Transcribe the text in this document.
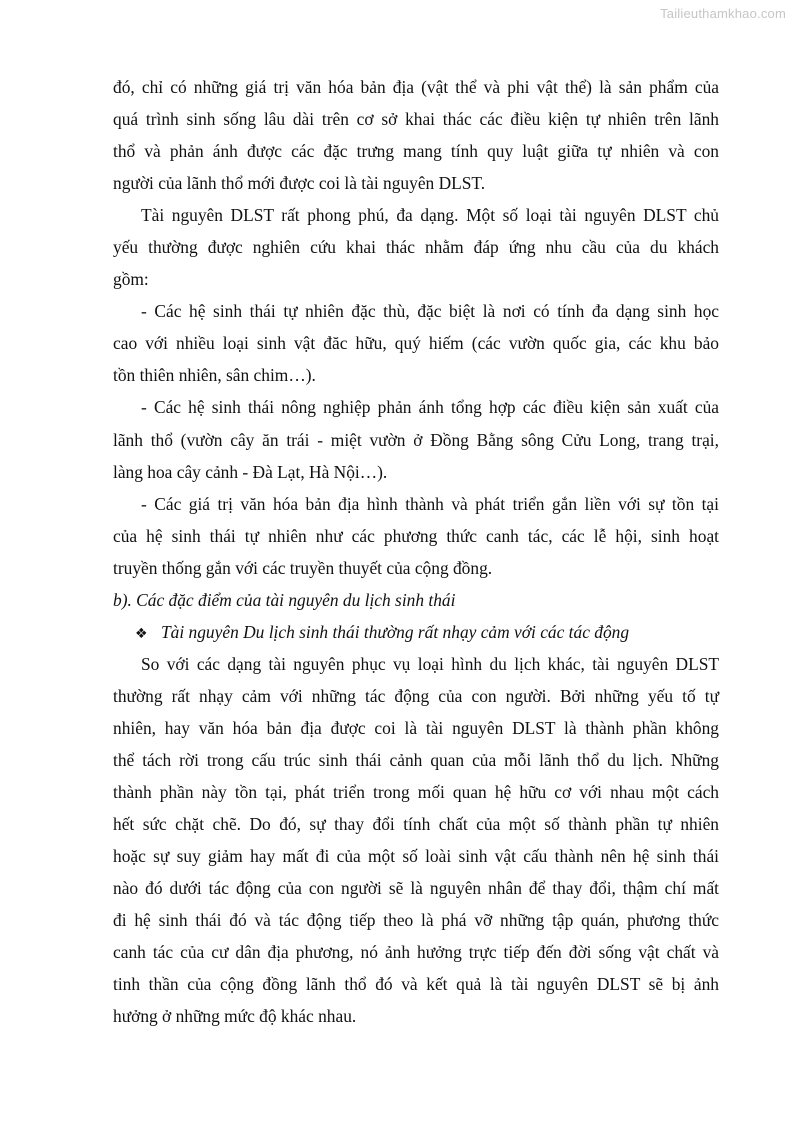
Tailieuthamkhao.com
đó, chỉ có những giá trị văn hóa bản địa (vật thể và phi vật thể) là sản phẩm của
quá trình sinh sống lâu dài trên cơ sở khai thác các điều kiện tự nhiên trên lãnh
thổ và phản ánh được các đặc trưng mang tính quy luật giữa tự nhiên và con
người của lãnh thổ mới được coi là tài nguyên DLST.
Tài nguyên DLST rất phong phú, đa dạng. Một số loại tài nguyên DLST chủ
yếu thường được nghiên cứu khai thác nhằm đáp ứng nhu cầu của du khách
gồm:
- Các hệ sinh thái tự nhiên đặc thù, đặc biệt là nơi có tính đa dạng sinh học
cao với nhiều loại sinh vật đăc hữu, quý hiếm (các vườn quốc gia, các khu bảo
tồn thiên nhiên, sân chim…).
- Các hệ sinh thái nông nghiệp phản ánh tổng hợp các điều kiện sản xuất của
lãnh thổ (vườn cây ăn trái - miệt vườn ở Đồng Bằng sông Cửu Long, trang trại,
làng hoa cây cảnh - Đà Lạt, Hà Nội…).
- Các giá trị văn hóa bản địa hình thành và phát triển gắn liền với sự tồn tại
của hệ sinh thái tự nhiên như các phương thức canh tác, các lễ hội, sinh hoạt
truyền thống gắn với các truyền thuyết của cộng đồng.
b). Các đặc điểm của tài nguyên du lịch sinh thái
❖ Tài nguyên Du lịch sinh thái thường rất nhạy cảm với các tác động
So với các dạng tài nguyên phục vụ loại hình du lịch khác, tài nguyên DLST
thường rất nhạy cảm với những tác động của con người. Bởi những yếu tố tự
nhiên, hay văn hóa bản địa được coi là tài nguyên DLST là thành phần không
thể tách rời trong cấu trúc sinh thái cảnh quan của mỗi lãnh thổ du lịch. Những
thành phần này tồn tại, phát triển trong mối quan hệ hữu cơ với nhau một cách
hết sức chặt chẽ. Do đó, sự thay đổi tính chất của một số thành phần tự nhiên
hoặc sự suy giảm hay mất đi của một số loài sinh vật cấu thành nên hệ sinh thái
nào đó dưới tác động của con người sẽ là nguyên nhân để thay đổi, thậm chí mất
đi hệ sinh thái đó và tác động tiếp theo là phá vỡ những tập quán, phương thức
canh tác của cư dân địa phương, nó ảnh hưởng trực tiếp đến đời sống vật chất và
tinh thần của cộng đồng lãnh thổ đó và kết quả là tài nguyên DLST sẽ bị ảnh
hưởng ở những mức độ khác nhau.
